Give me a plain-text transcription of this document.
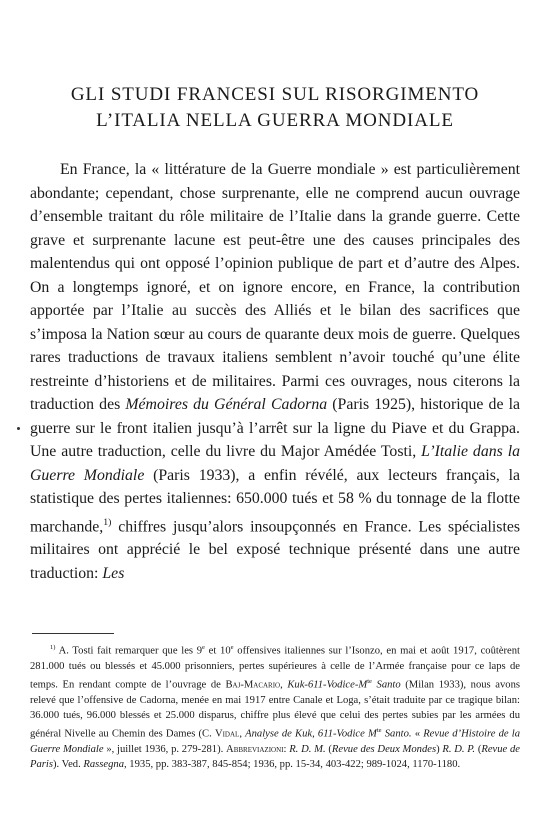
GLI STUDI FRANCESI SUL RISORGIMENTO
L’ITALIA NELLA GUERRA MONDIALE

En France, la « littérature de la Guerre mondiale » est particulièrement abondante; cependant, chose surprenante, elle ne comprend aucun ouvrage d’ensemble traitant du rôle militaire de l’Italie dans la grande guerre. Cette grave et surprenante lacune est peut-être une des causes principales des malentendus qui ont opposé l’opinion publique de part et d’autre des Alpes. On a longtemps ignoré, et on ignore encore, en France, la contribution apportée par l’Italie au succès des Alliés et le bilan des sacrifices que s’imposa la Nation sœur au cours de quarante deux mois de guerre. Quelques rares traductions de travaux italiens semblent n’avoir touché qu’une élite restreinte d’historiens et de militaires. Parmi ces ouvrages, nous citerons la traduction des Mémoires du Général Cadorna (Paris 1925), historique de la guerre sur le front italien jusqu’à l’arrêt sur la ligne du Piave et du Grappa. Une autre traduction, celle du livre du Major Amédée Tosti, L’Italie dans la Guerre Mondiale (Paris 1933), a enfin révélé, aux lecteurs français, la statistique des pertes italiennes: 650.000 tués et 58 % du tonnage de la flotte marchande,$^{1)}$ chiffres jusqu’alors insoupçonnés en France. Les spécialistes militaires ont apprécié le bel exposé technique présenté dans une autre traduction: Les

$^{1)}$ A. Tosti fait remarquer que les 9e et 10e offensives italiennes sur l’Isonzo, en mai et août 1917, coûtèrent 281.000 tués ou blessés et 45.000 prisonniers, pertes supérieures à celle de l’Armée française pour ce laps de temps. En rendant compte de l’ouvrage de Baj-Macario, Kuk-$611-Vodice-M^{te}$ Santo (Milan 1933), nous avons relevé que l’offensive de Cadorna, menée en mai 1917 entre Canale et Loga, s’était traduite par ce tragique bilan: 36.000 tués, 96.000 blessés et 25.000 disparus, chiffre plus élevé que celui des pertes subies par les armées du général Nivelle au Chemin des Dames (C. Vidal, Analyse de Kuk, 611-Vodice $M^{te}$ Santo. « Revue d’Histoire de la Guerre Mondiale », juillet 1936, p. 279-281). Abbreviazioni: R. D. M. (Revue des Deux Mondes) R. D. P. (Revue de Paris). Ved. Rassegna, 1935, pp. 383-387, 845-854; 1936, pp. 15-34, 403-422; 989-1024, 1170-1180.
